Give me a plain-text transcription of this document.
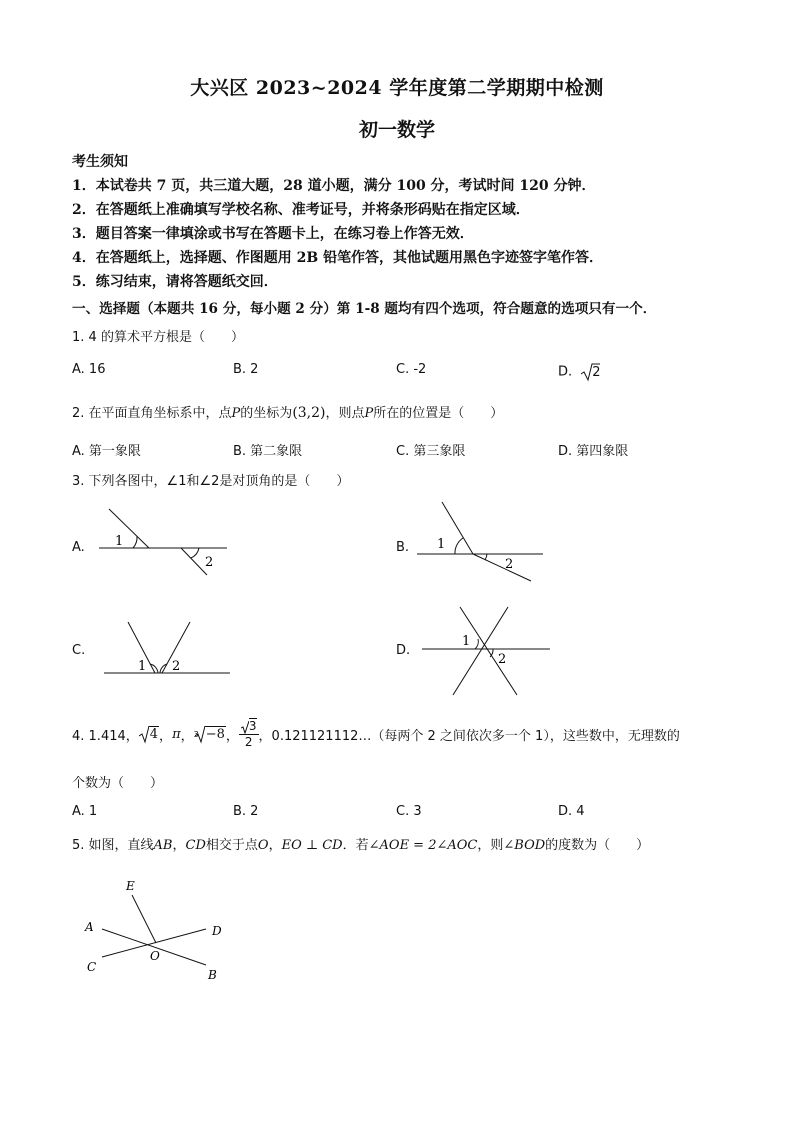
大兴区 2023~2024 学年度第二学期期中检测
初一数学
考生须知
1．本试卷共 7 页，共三道大题，28 道小题，满分 100 分，考试时间 120 分钟．
2．在答题纸上准确填写学校名称、准考证号，并将条形码贴在指定区域．
3．题目答案一律填涂或书写在答题卡上，在练习卷上作答无效．
4．在答题纸上，选择题、作图题用 2B 铅笔作答，其他试题用黑色字迹签字笔作答．
5．练习结束，请将答题纸交回．
一、选择题（本题共 16 分，每小题 2 分）第 1-8 题均有四个选项，符合题意的选项只有一个．
1. 4 的算术平方根是（　　）
A. 16	B. 2	C. -2	D. 2
2. 在平面直角坐标系中，点P的坐标为(3,2)，则点P所在的位置是（　　）
A. 第一象限	B. 第二象限	C. 第三象限	D. 第四象限
3. 下列各图中，∠1和∠2是对顶角的是（　　）
A. 1
2
B. 1
2
C.
1 2
D.
1
2
4. 1.414， 4 ， π ， 3 −8 ， $\frac{3}{2}$ ，0.121121112…（每两个 2 之间依次多一个 1），这些数中，无理数的
个数为（　　）
A. 1	B. 2	C. 3	D. 4
5. 如图，直线AB，CD相交于点O，EO ⊥ CD．若∠AOE = 2∠AOC，则∠BOD的度数为（　　）
E
A	D
C
O
B
